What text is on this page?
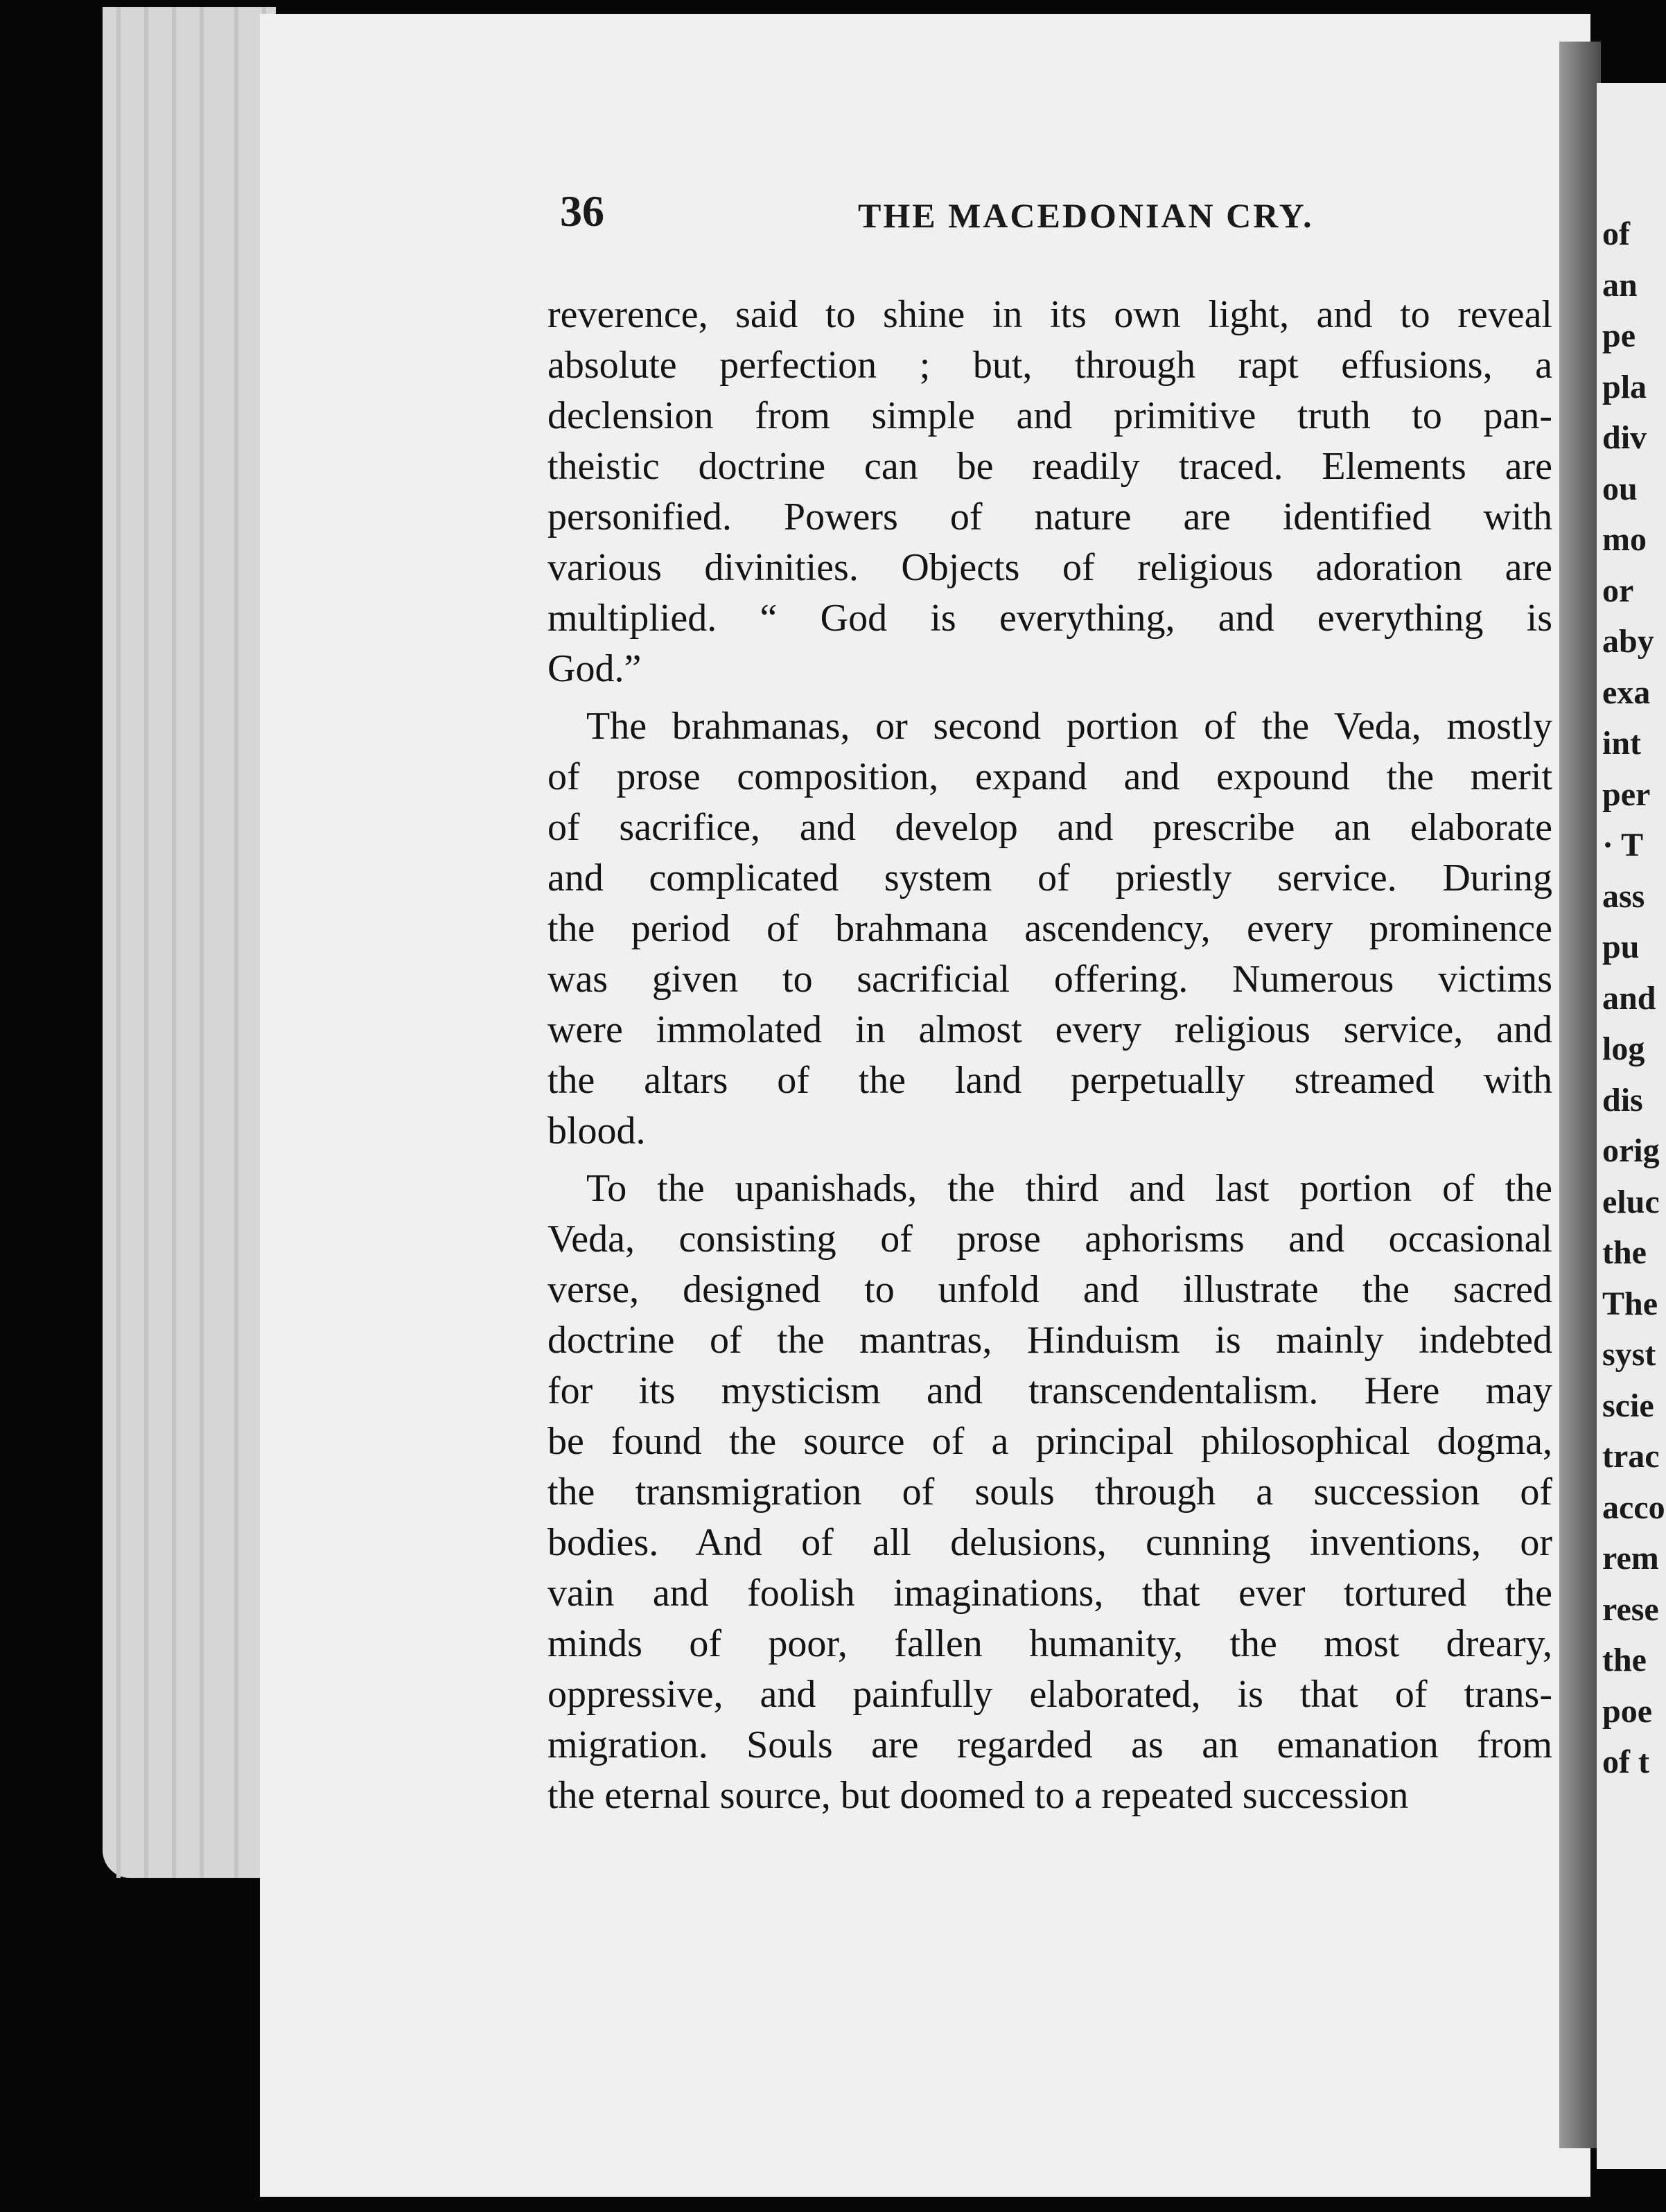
of
an
pe
pla
div
ou
mo
or
aby
exa
int
per
· T
ass
pu
and
log
dis
orig
eluc
the
The
syst
scie
trac
acco
rem
rese
the
poe
of t
36	THE MACEDONIAN CRY.
reverence, said to shine in its own light, and to reveal
absolute perfection ; but, through rapt effusions, a
declension from simple and primitive truth to pan-
theistic doctrine can be readily traced. Elements are
personified. Powers of nature are identified with
various divinities. Objects of religious adoration are
multiplied. “ God is everything, and everything is
God.”
The brahmanas, or second portion of the Veda, mostly
of prose composition, expand and expound the merit
of sacrifice, and develop and prescribe an elaborate
and complicated system of priestly service. During
the period of brahmana ascendency, every prominence
was given to sacrificial offering. Numerous victims
were immolated in almost every religious service, and
the altars of the land perpetually streamed with
blood.
To the upanishads, the third and last portion of the
Veda, consisting of prose aphorisms and occasional
verse, designed to unfold and illustrate the sacred
doctrine of the mantras, Hinduism is mainly indebted
for its mysticism and transcendentalism. Here may
be found the source of a principal philosophical dogma,
the transmigration of souls through a succession of
bodies. And of all delusions, cunning inventions, or
vain and foolish imaginations, that ever tortured the
minds of poor, fallen humanity, the most dreary,
oppressive, and painfully elaborated, is that of trans-
migration. Souls are regarded as an emanation from
the eternal source, but doomed to a repeated succession
